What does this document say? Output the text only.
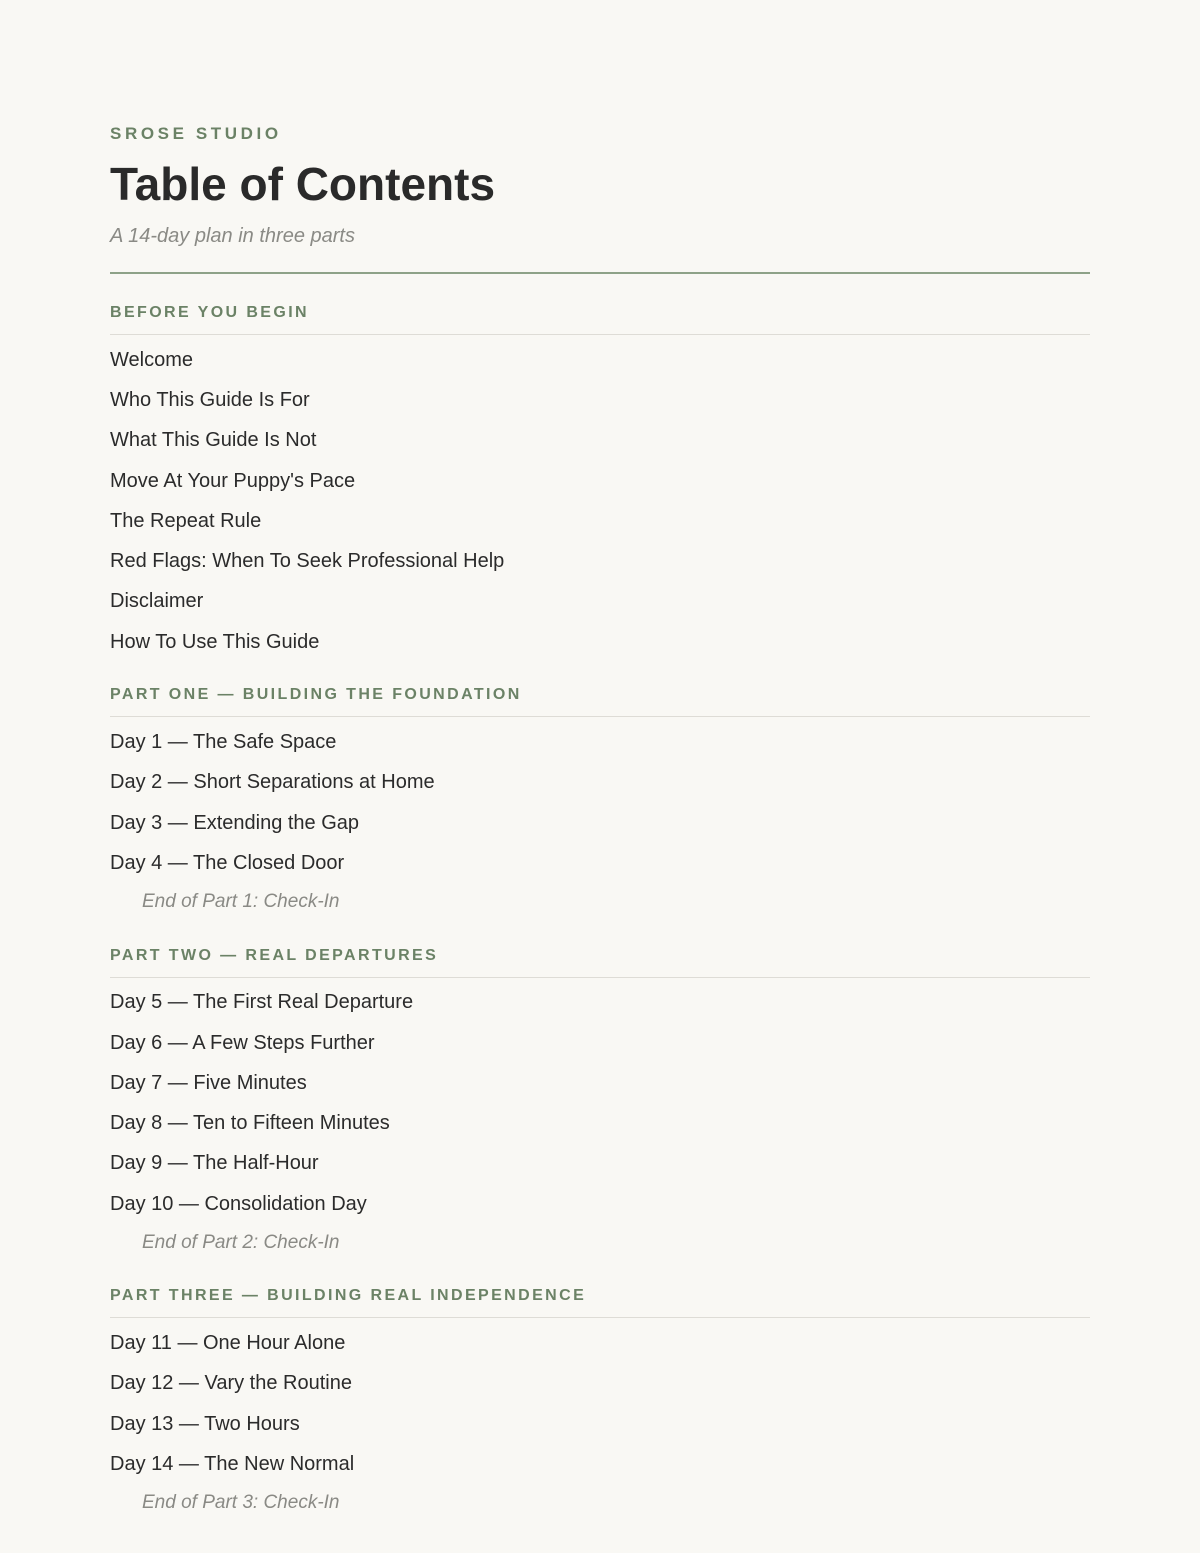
SROSE STUDIO
Table of Contents
A 14-day plan in three parts
BEFORE YOU BEGIN
Welcome
Who This Guide Is For
What This Guide Is Not
Move At Your Puppy's Pace
The Repeat Rule
Red Flags: When To Seek Professional Help
Disclaimer
How To Use This Guide
PART ONE — BUILDING THE FOUNDATION
Day 1 — The Safe Space
Day 2 — Short Separations at Home
Day 3 — Extending the Gap
Day 4 — The Closed Door
End of Part 1: Check-In
PART TWO — REAL DEPARTURES
Day 5 — The First Real Departure
Day 6 — A Few Steps Further
Day 7 — Five Minutes
Day 8 — Ten to Fifteen Minutes
Day 9 — The Half-Hour
Day 10 — Consolidation Day
End of Part 2: Check-In
PART THREE — BUILDING REAL INDEPENDENCE
Day 11 — One Hour Alone
Day 12 — Vary the Routine
Day 13 — Two Hours
Day 14 — The New Normal
End of Part 3: Check-In
